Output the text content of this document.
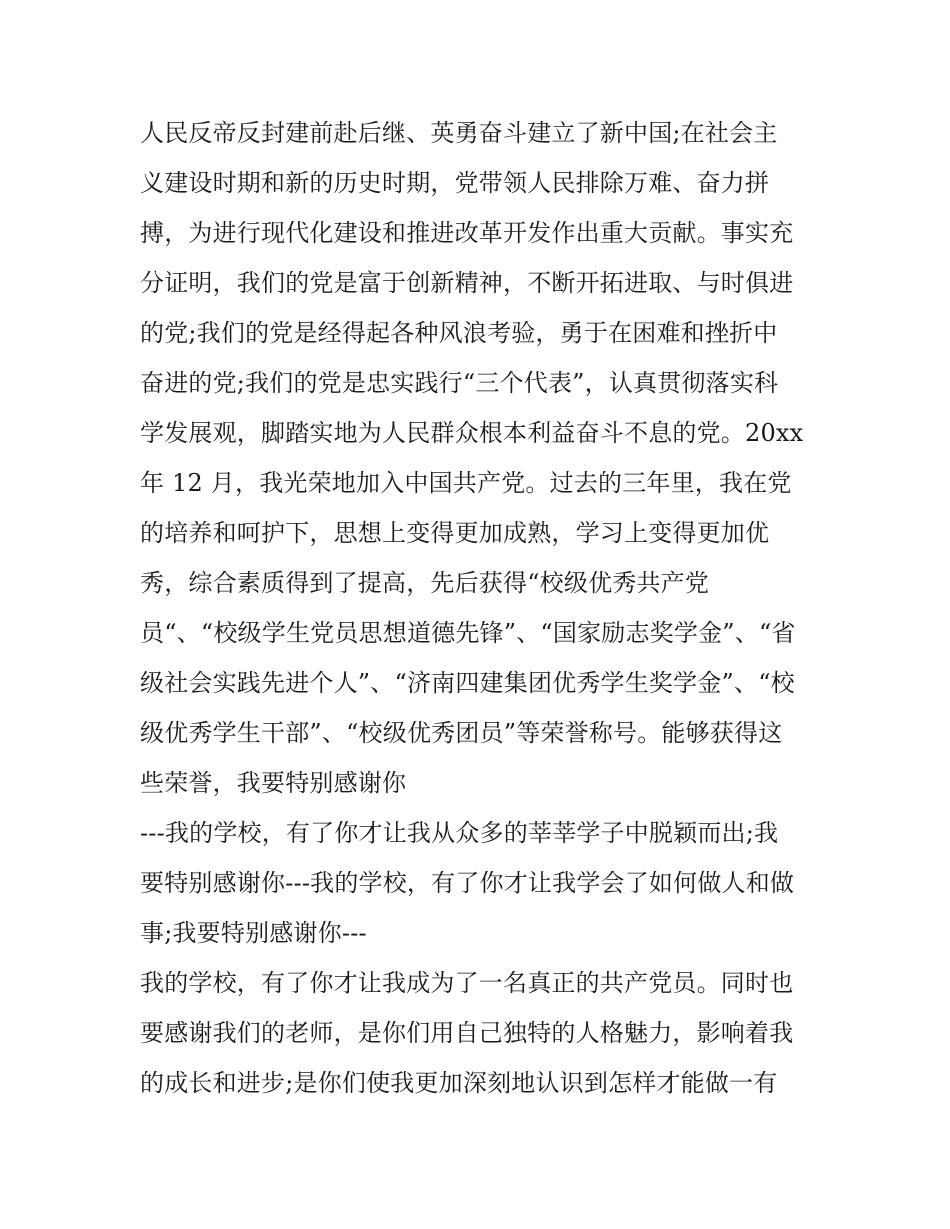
人民反帝反封建前赴后继、英勇奋斗建立了新中国;在社会主
义建设时期和新的历史时期，党带领人民排除万难、奋力拼
搏，为进行现代化建设和推进改革开发作出重大贡献。事实充
分证明，我们的党是富于创新精神，不断开拓进取、与时俱进
的党;我们的党是经得起各种风浪考验，勇于在困难和挫折中
奋进的党;我们的党是忠实践行“三个代表”，认真贯彻落实科
学发展观，脚踏实地为人民群众根本利益奋斗不息的党。20xx
年 12 月，我光荣地加入中国共产党。过去的三年里，我在党
的培养和呵护下，思想上变得更加成熟，学习上变得更加优
秀，综合素质得到了提高，先后获得“校级优秀共产党
员“、“校级学生党员思想道德先锋”、“国家励志奖学金”、“省
级社会实践先进个人”、“济南四建集团优秀学生奖学金”、“校
级优秀学生干部”、“校级优秀团员”等荣誉称号。能够获得这
些荣誉，我要特别感谢你
---我的学校，有了你才让我从众多的莘莘学子中脱颖而出;我
要特别感谢你---我的学校，有了你才让我学会了如何做人和做
事;我要特别感谢你---
我的学校，有了你才让我成为了一名真正的共产党员。同时也
要感谢我们的老师，是你们用自己独特的人格魅力，影响着我
的成长和进步;是你们使我更加深刻地认识到怎样才能做一有
